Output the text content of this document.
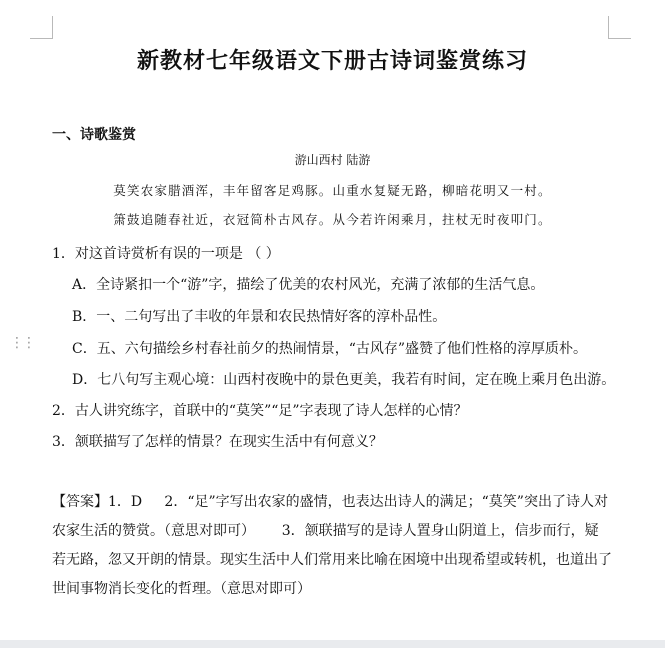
⋮⋮
新教材七年级语文下册古诗词鉴赏练习
一、诗歌鉴赏
游山西村 陆游
莫笑农家腊酒浑，丰年留客足鸡豚。山重水复疑无路，柳暗花明又一村。
箫鼓追随春社近，衣冠简朴古风存。从今若许闲乘月，拄杖无时夜叩门。
1．对这首诗赏析有误的一项是 （ ）
A．全诗紧扣一个“游”字，描绘了优美的农村风光，充满了浓郁的生活气息。
B．一、二句写出了丰收的年景和农民热情好客的淳朴品性。
C．五、六句描绘乡村春社前夕的热闹情景，“古风存”盛赞了他们性格的淳厚质朴。
D．七八句写主观心境：山西村夜晚中的景色更美，我若有时间，定在晚上乘月色出游。
2．古人讲究练字，首联中的“莫笑”“足”字表现了诗人怎样的心情？
3．颔联描写了怎样的情景？在现实生活中有何意义？
【答案】1．D 2．“足”字写出农家的盛情，也表达出诗人的满足；“莫笑”突出了诗人对农家生活的赞赏。（意思对即可） 3．颔联描写的是诗人置身山阴道上，信步而行，疑若无路，忽又开朗的情景。现实生活中人们常用来比喻在困境中出现希望或转机，也道出了世间事物消长变化的哲理。（意思对即可）
